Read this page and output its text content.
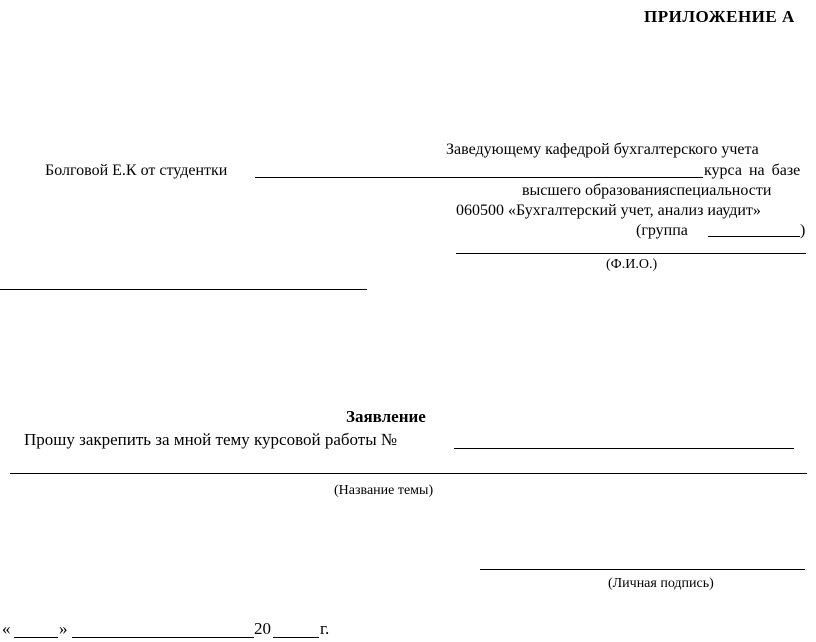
ПРИЛОЖЕНИЕ А
Заведующему кафедрой бухгалтерского учета
Болговой Е.К от студентки	курса на базе
высшего образованияспециальности
060500 «Бухгалтерский учет, анализ иаудит»
(группа	)
(Ф.И.О.)
Заявление
Прошу закрепить за мной тему курсовой работы №
(Название темы)
(Личная подпись)
«	»	20	г.
